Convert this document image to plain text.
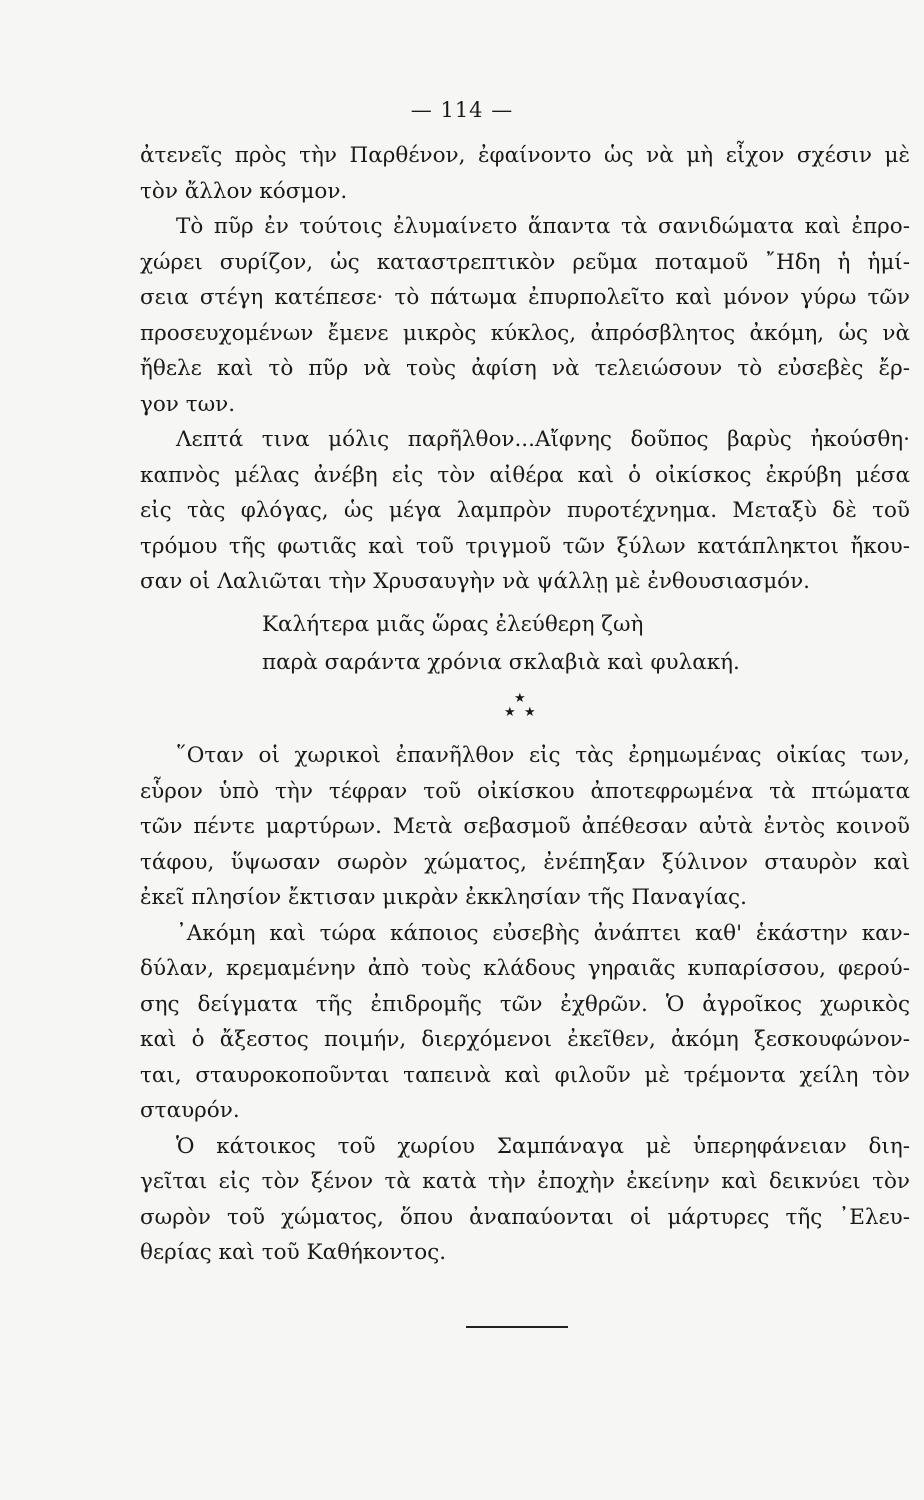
— 114 —
ἀτενεῖς πρὸς τὴν Παρθένον, ἐφαίνοντο ὡς νὰ μὴ εἶχον σχέσιν μὲ
τὸν ἄλλον κόσμον.
Τὸ πῦρ ἐν τούτοις ἐλυμαίνετο ἅπαντα τὰ σανιδώματα καὶ ἐπρο-
χώρει συρίζον, ὡς καταστρεπτικὸν ρεῦμα ποταμοῦ ῎Ηδη ἡ ἡμί-
σεια στέγη κατέπεσε· τὸ πάτωμα ἐπυρπολεῖτο καὶ μόνον γύρω τῶν
προσευχομένων ἔμενε μικρὸς κύκλος, ἀπρόσβλητος ἀκόμη, ὡς νὰ
ἤθελε καὶ τὸ πῦρ νὰ τοὺς ἀφίση νὰ τελειώσουν τὸ εὐσεβὲς ἔρ-
γον των.
Λεπτά τινα μόλις παρῆλθον...Αἴφνης δοῦπος βαρὺς ἠκούσθη·
καπνὸς μέλας ἀνέβη εἰς τὸν αἰθέρα καὶ ὁ οἰκίσκος ἐκρύβη μέσα
εἰς τὰς φλόγας, ὡς μέγα λαμπρὸν πυροτέχνημα. Μεταξὺ δὲ τοῦ
τρόμου τῆς φωτιᾶς καὶ τοῦ τριγμοῦ τῶν ξύλων κατάπληκτοι ἤκου-
σαν οἱ Λαλιῶται τὴν Χρυσαυγὴν νὰ ψάλλῃ μὲ ἐνθουσιασμόν.
Καλήτερα μιᾶς ὥρας ἐλεύθερη ζωὴ
παρὰ σαράντα χρόνια σκλαβιὰ καὶ φυλακή.
★
★ ★
῞Οταν οἱ χωρικοὶ ἐπανῆλθον εἰς τὰς ἐρημωμένας οἰκίας των,
εὗρον ὑπὸ τὴν τέφραν τοῦ οἰκίσκου ἀποτεφρωμένα τὰ πτώματα
τῶν πέντε μαρτύρων. Μετὰ σεβασμοῦ ἀπέθεσαν αὐτὰ ἐντὸς κοινοῦ
τάφου, ὕψωσαν σωρὸν χώματος, ἐνέπηξαν ξύλινον σταυρὸν καὶ
ἐκεῖ πλησίον ἔκτισαν μικρὰν ἐκκλησίαν τῆς Παναγίας.
᾿Ακόμη καὶ τώρα κάποιος εὐσεβὴς ἀνάπτει καθ' ἑκάστην καν-
δύλαν, κρεμαμένην ἀπὸ τοὺς κλάδους γηραιᾶς κυπαρίσσου, φερού-
σης δείγματα τῆς ἐπιδρομῆς τῶν ἐχθρῶν. Ὁ ἀγροῖκος χωρικὸς
καὶ ὁ ἄξεστος ποιμήν, διερχόμενοι ἐκεῖθεν, ἀκόμη ξεσκουφώνον-
ται, σταυροκοποῦνται ταπεινὰ καὶ φιλοῦν μὲ τρέμοντα χείλη τὸν
σταυρόν.
Ὁ κάτοικος τοῦ χωρίου Σαμπάναγα μὲ ὑπερηφάνειαν διη-
γεῖται εἰς τὸν ξένον τὰ κατὰ τὴν ἐποχὴν ἐκείνην καὶ δεικνύει τὸν
σωρὸν τοῦ χώματος, ὅπου ἀναπαύονται οἱ μάρτυρες τῆς ᾿Ελευ-
θερίας καὶ τοῦ Καθήκοντος.
